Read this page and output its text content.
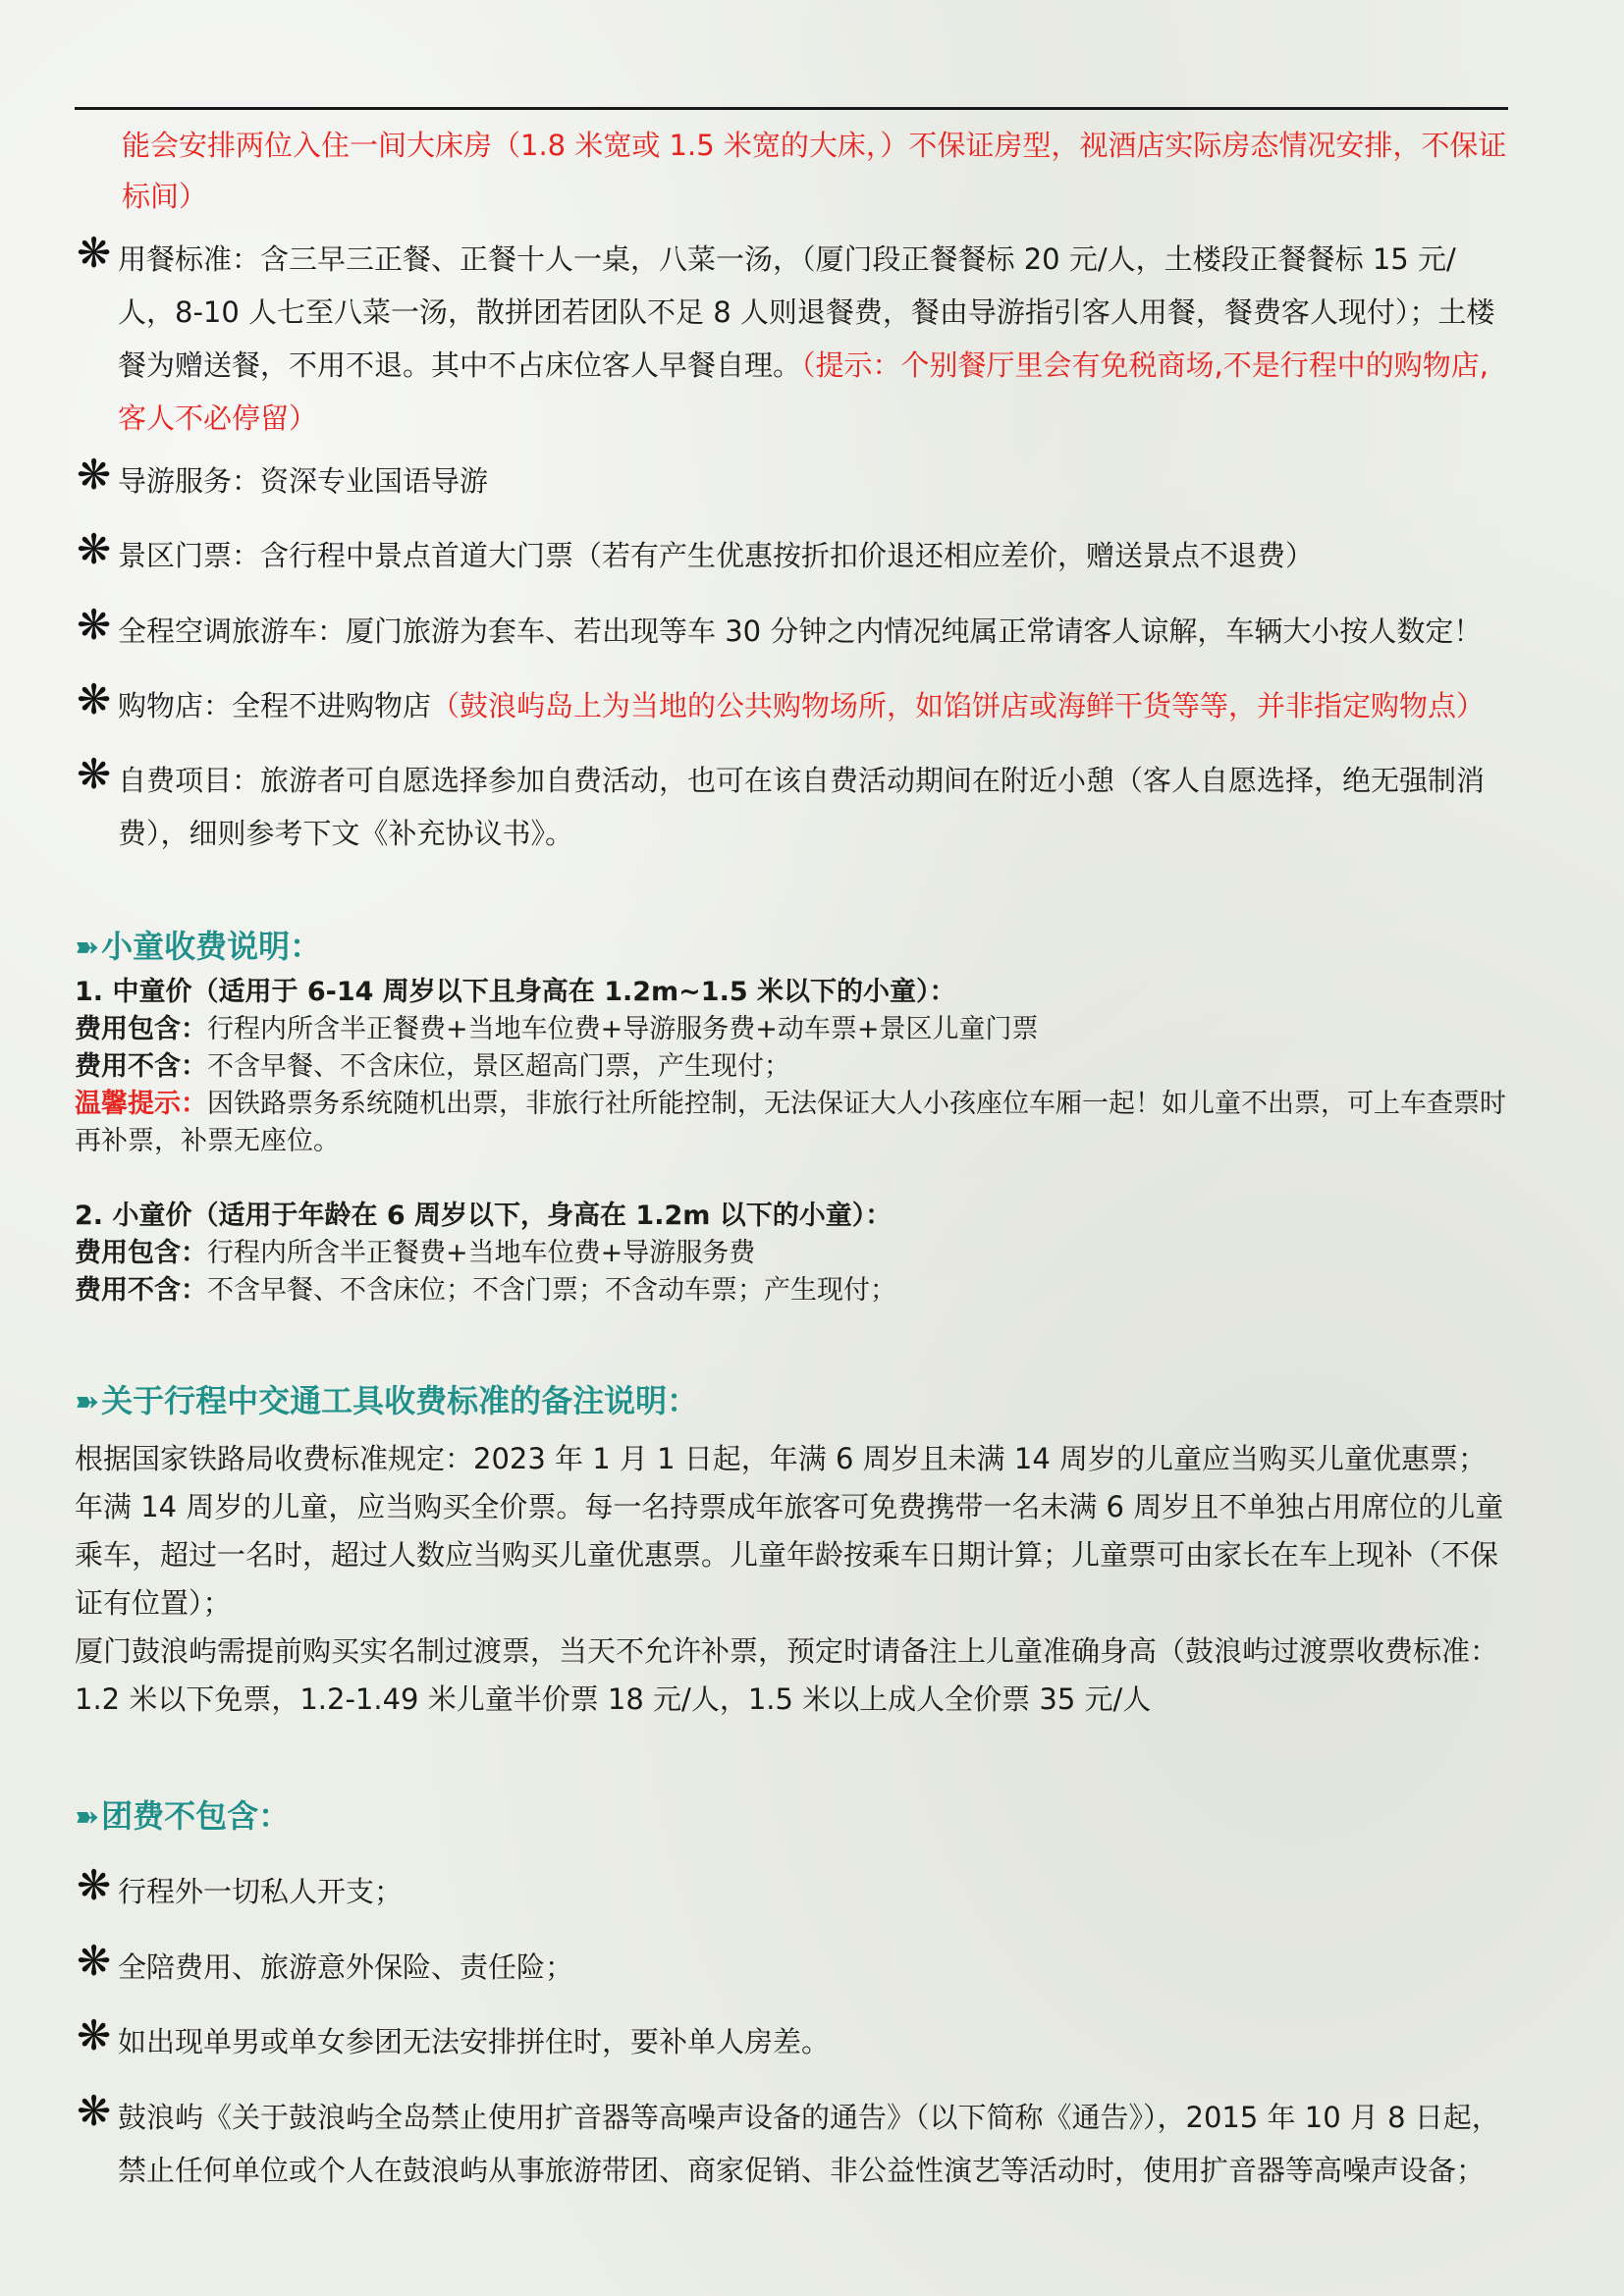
能会安排两位入住一间大床房（1.8 米宽或 1.5 米宽的大床，）不保证房型，视酒店实际房态情况安排，不保证标间）
❋ 用餐标准：含三早三正餐、正餐十人一桌，八菜一汤，（厦门段正餐餐标 20 元/人，土楼段正餐餐标 15 元/人，8-10 人七至八菜一汤，散拼团若团队不足 8 人则退餐费，餐由导游指引客人用餐，餐费客人现付）；土楼餐为赠送餐，不用不退。其中不占床位客人早餐自理。（提示：个别餐厅里会有免税商场,不是行程中的购物店,客人不必停留）
❋ 导游服务：资深专业国语导游
❋ 景区门票：含行程中景点首道大门票（若有产生优惠按折扣价退还相应差价，赠送景点不退费）
❋ 全程空调旅游车：厦门旅游为套车、若出现等车 30 分钟之内情况纯属正常请客人谅解，车辆大小按人数定！
❋ 购物店：全程不进购物店（鼓浪屿岛上为当地的公共购物场所，如馅饼店或海鲜干货等等，并非指定购物点）
❋ 自费项目：旅游者可自愿选择参加自费活动，也可在该自费活动期间在附近小憩（客人自愿选择，绝无强制消费），细则参考下文《补充协议书》。
➽小童收费说明：
1. 中童价（适用于 6-14 周岁以下且身高在 1.2m~1.5 米以下的小童）：
费用包含：行程内所含半正餐费+当地车位费+导游服务费+动车票+景区儿童门票
费用不含：不含早餐、不含床位，景区超高门票，产生现付；
温馨提示：因铁路票务系统随机出票，非旅行社所能控制，无法保证大人小孩座位车厢一起！如儿童不出票，可上车查票时再补票，补票无座位。
2. 小童价（适用于年龄在 6 周岁以下，身高在 1.2m 以下的小童）：
费用包含：行程内所含半正餐费+当地车位费+导游服务费
费用不含：不含早餐、不含床位；不含门票；不含动车票；产生现付；
➽关于行程中交通工具收费标准的备注说明：
根据国家铁路局收费标准规定：2023 年 1 月 1 日起，年满 6 周岁且未满 14 周岁的儿童应当购买儿童优惠票；年满 14 周岁的儿童，应当购买全价票。每一名持票成年旅客可免费携带一名未满 6 周岁且不单独占用席位的儿童乘车，超过一名时，超过人数应当购买儿童优惠票。儿童年龄按乘车日期计算；儿童票可由家长在车上现补（不保证有位置）；
厦门鼓浪屿需提前购买实名制过渡票，当天不允许补票，预定时请备注上儿童准确身高（鼓浪屿过渡票收费标准：1.2 米以下免票，1.2-1.49 米儿童半价票 18 元/人，1.5 米以上成人全价票 35 元/人
➽团费不包含：
❋ 行程外一切私人开支；
❋ 全陪费用、旅游意外保险、责任险；
❋ 如出现单男或单女参团无法安排拼住时，要补单人房差。
❋ 鼓浪屿《关于鼓浪屿全岛禁止使用扩音器等高噪声设备的通告》（以下简称《通告》），2015 年 10 月 8 日起，禁止任何单位或个人在鼓浪屿从事旅游带团、商家促销、非公益性演艺等活动时，使用扩音器等高噪声设备；
